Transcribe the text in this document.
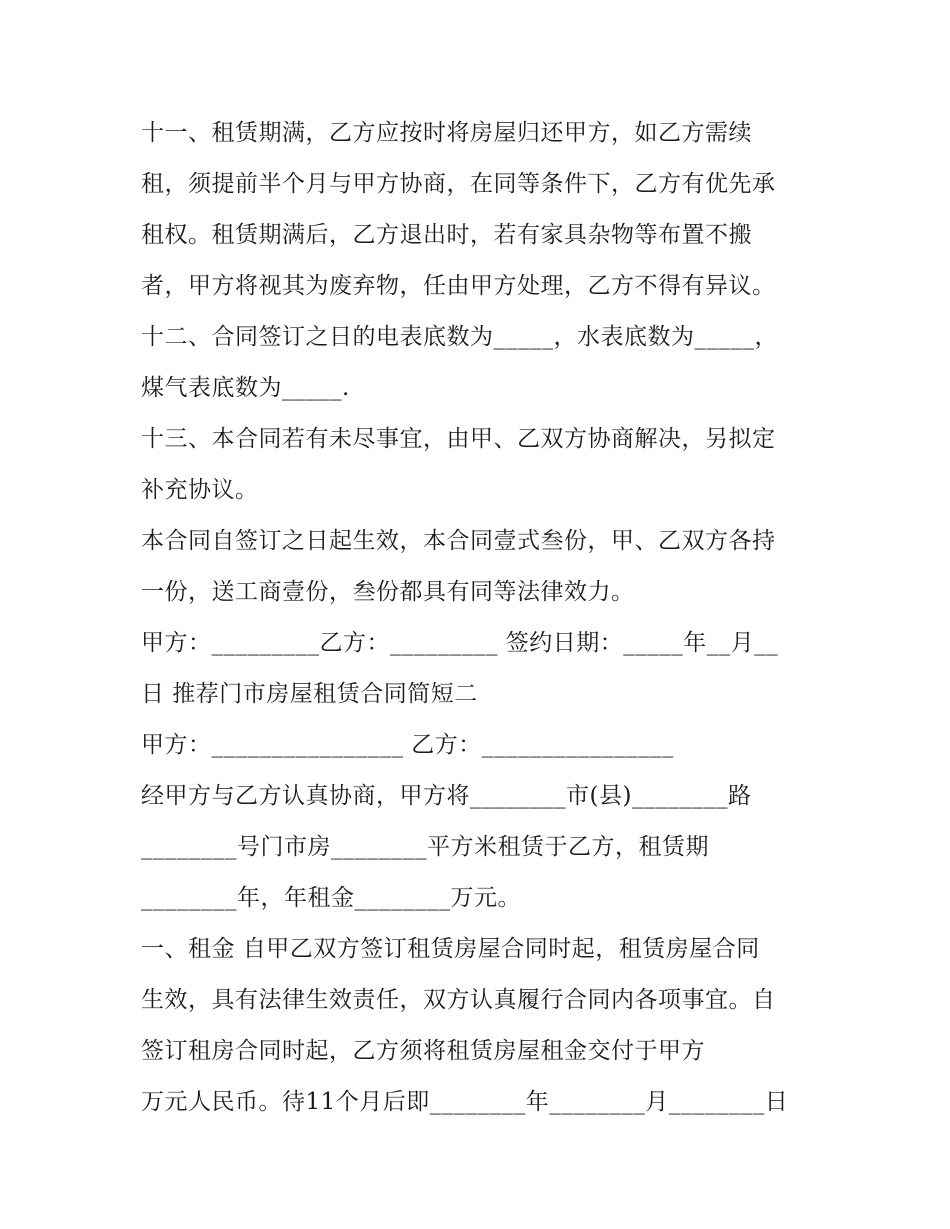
十一、租赁期满，乙方应按时将房屋归还甲方，如乙方需续
租，须提前半个月与甲方协商，在同等条件下，乙方有优先承
租权。租赁期满后，乙方退出时，若有家具杂物等布置不搬
者，甲方将视其为废弃物，任由甲方处理，乙方不得有异议。
十二、合同签订之日的电表底数为_____，水表底数为_____，
煤气表底数为_____.
十三、本合同若有未尽事宜，由甲、乙双方协商解决，另拟定
补充协议。
本合同自签订之日起生效，本合同壹式叁份，甲、乙双方各持
一份，送工商壹份，叁份都具有同等法律效力。
甲方：_________乙方：_________ 签约日期：_____年__月__
日 推荐门市房屋租赁合同简短二
甲方：________________ 乙方：________________
经甲方与乙方认真协商，甲方将________市(县)________路
________号门市房________平方米租赁于乙方，租赁期
________年，年租金________万元。
一、租金 自甲乙双方签订租赁房屋合同时起，租赁房屋合同
生效，具有法律生效责任，双方认真履行合同内各项事宜。自
签订租房合同时起，乙方须将租赁房屋租金交付于甲方
万元人民币。待11个月后即________年________月________日
